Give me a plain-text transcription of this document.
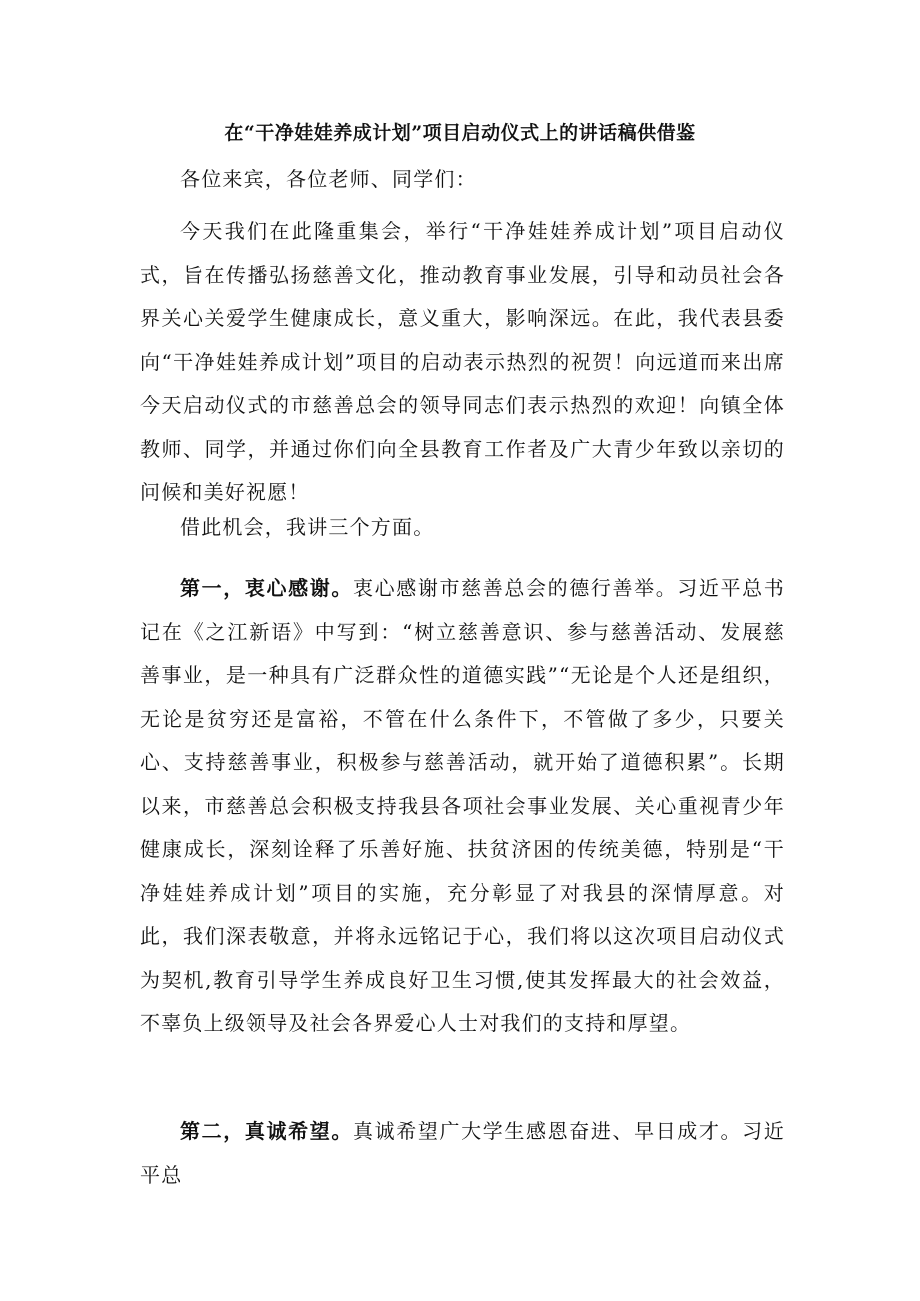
在“干净娃娃养成计划”项目启动仪式上的讲话稿供借鉴

各位来宾，各位老师、同学们：

今天我们在此隆重集会，举行“干净娃娃养成计划”项目启动仪式，旨在传播弘扬慈善文化，推动教育事业发展，引导和动员社会各界关心关爱学生健康成长，意义重大，影响深远。在此，我代表县委向“干净娃娃养成计划”项目的启动表示热烈的祝贺！向远道而来出席今天启动仪式的市慈善总会的领导同志们表示热烈的欢迎！向镇全体教师、同学，并通过你们向全县教育工作者及广大青少年致以亲切的问候和美好祝愿！

借此机会，我讲三个方面。

第一，衷心感谢。衷心感谢市慈善总会的德行善举。习近平总书记在《之江新语》中写到：“树立慈善意识、参与慈善活动、发展慈善事业，是一种具有广泛群众性的道德实践”“无论是个人还是组织，无论是贫穷还是富裕，不管在什么条件下，不管做了多少，只要关心、支持慈善事业，积极参与慈善活动，就开始了道德积累”。长期以来，市慈善总会积极支持我县各项社会事业发展、关心重视青少年健康成长，深刻诠释了乐善好施、扶贫济困的传统美德，特别是“干净娃娃养成计划”项目的实施，充分彰显了对我县的深情厚意。对此，我们深表敬意，并将永远铭记于心，我们将以这次项目启动仪式为契机,教育引导学生养成良好卫生习惯,使其发挥最大的社会效益，不辜负上级领导及社会各界爱心人士对我们的支持和厚望。

第二，真诚希望。真诚希望广大学生感恩奋进、早日成才。习近平总
